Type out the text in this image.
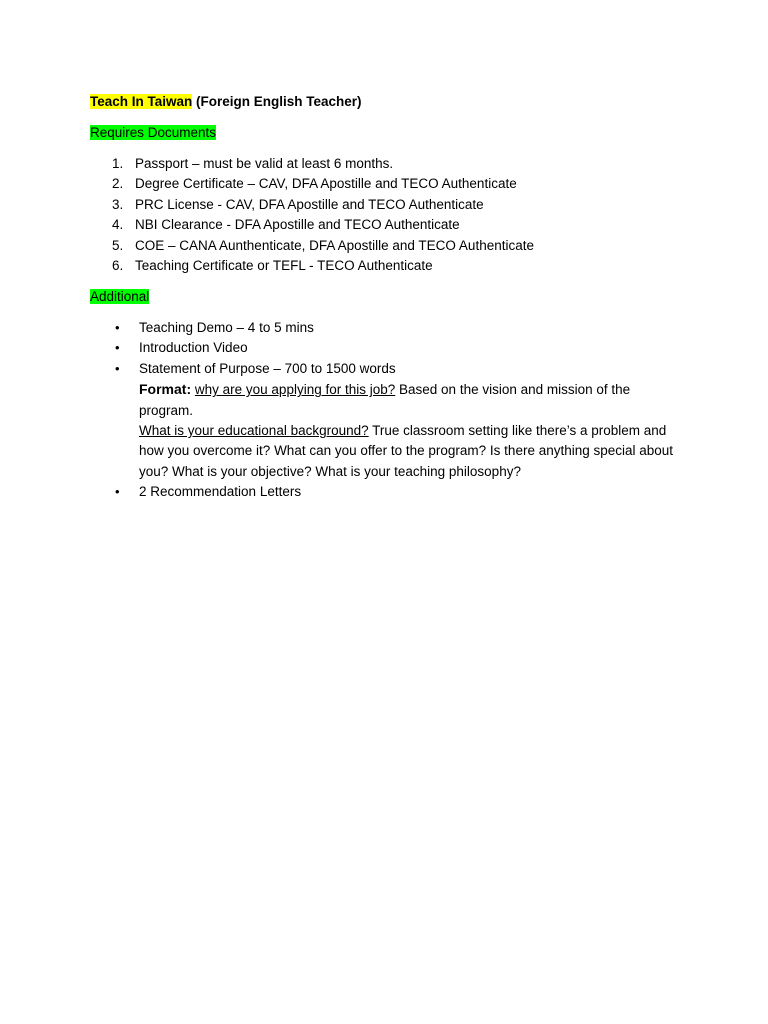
Teach In Taiwan (Foreign English Teacher)
Requires Documents
1. Passport – must be valid at least 6 months.
2. Degree Certificate – CAV, DFA Apostille and TECO Authenticate
3. PRC License - CAV, DFA Apostille and TECO Authenticate
4. NBI Clearance - DFA Apostille and TECO Authenticate
5. COE – CANA Aunthenticate, DFA Apostille and TECO Authenticate
6. Teaching Certificate or TEFL - TECO Authenticate
Additional
• Teaching Demo – 4 to 5 mins
• Introduction Video
• Statement of Purpose – 700 to 1500 words
Format: why are you applying for this job? Based on the vision and mission of the program.
What is your educational background? True classroom setting like there’s a problem and how you overcome it? What can you offer to the program? Is there anything special about you? What is your objective? What is your teaching philosophy?
• 2 Recommendation Letters
